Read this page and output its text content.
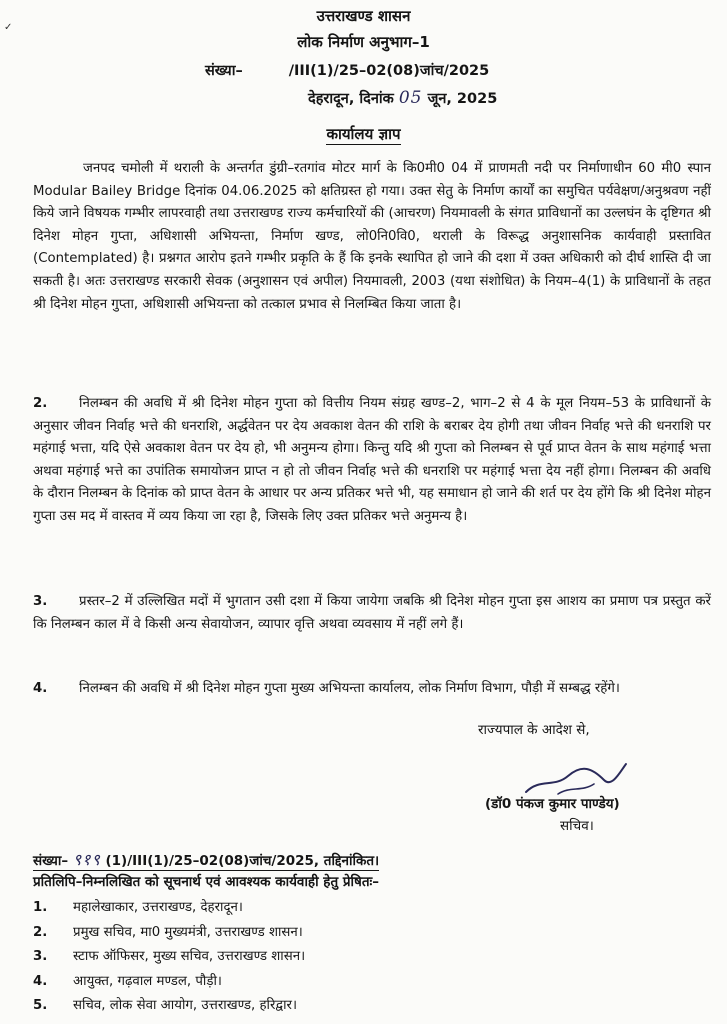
उत्तराखण्ड शासन
लोक निर्माण अनुभाग–1
संख्या–	/III(1)/25–02(08)जांच/2025
देहरादून, दिनांक 05 जून, 2025
कार्यालय ज्ञाप
जनपद चमोली में थराली के अन्तर्गत डुंग्री–रतगांव मोटर मार्ग के कि0मी0 04 में प्राणमती नदी पर निर्माणाधीन 60 मी0 स्पान Modular Bailey Bridge दिनांक 04.06.2025 को क्षतिग्रस्त हो गया। उक्त सेतु के निर्माण कार्यों का समुचित पर्यवेक्षण/अनुश्रवण नहीं किये जाने विषयक गम्भीर लापरवाही तथा उत्तराखण्ड राज्य कर्मचारियों की (आचरण) नियमावली के संगत प्राविधानों का उल्लघंन के दृष्टिगत श्री दिनेश मोहन गुप्ता, अधिशासी अभियन्ता, निर्माण खण्ड, लो0नि0वि0, थराली के विरूद्ध अनुशासनिक कार्यवाही प्रस्तावित (Contemplated) है। प्रश्नगत आरोप इतने गम्भीर प्रकृति के हैं कि इनके स्थापित हो जाने की दशा में उक्त अधिकारी को दीर्घ शास्ति दी जा सकती है। अतः उत्तराखण्ड सरकारी सेवक (अनुशासन एवं अपील) नियमावली, 2003 (यथा संशोधित) के नियम–4(1) के प्राविधानों के तहत श्री दिनेश मोहन गुप्ता, अधिशासी अभियन्ता को तत्काल प्रभाव से निलम्बित किया जाता है।
2. निलम्बन की अवधि में श्री दिनेश मोहन गुप्ता को वित्तीय नियम संग्रह खण्ड–2, भाग–2 से 4 के मूल नियम–53 के प्राविधानों के अनुसार जीवन निर्वाह भत्ते की धनराशि, अर्द्धवेतन पर देय अवकाश वेतन की राशि के बराबर देय होगी तथा जीवन निर्वाह भत्ते की धनराशि पर महंगाई भत्ता, यदि ऐसे अवकाश वेतन पर देय हो, भी अनुमन्य होगा। किन्तु यदि श्री गुप्ता को निलम्बन से पूर्व प्राप्त वेतन के साथ महंगाई भत्ता अथवा महंगाई भत्ते का उपांतिक समायोजन प्राप्त न हो तो जीवन निर्वाह भत्ते की धनराशि पर महंगाई भत्ता देय नहीं होगा। निलम्बन की अवधि के दौरान निलम्बन के दिनांक को प्राप्त वेतन के आधार पर अन्य प्रतिकर भत्ते भी, यह समाधान हो जाने की शर्त पर देय होंगे कि श्री दिनेश मोहन गुप्ता उस मद में वास्तव में व्यय किया जा रहा है, जिसके लिए उक्त प्रतिकर भत्ते अनुमन्य है।
3. प्रस्तर–2 में उल्लिखित मदों में भुगतान उसी दशा में किया जायेगा जबकि श्री दिनेश मोहन गुप्ता इस आशय का प्रमाण पत्र प्रस्तुत करें कि निलम्बन काल में वे किसी अन्य सेवायोजन, व्यापार वृत्ति अथवा व्यवसाय में नहीं लगे हैं।
4. निलम्बन की अवधि में श्री दिनेश मोहन गुप्ता मुख्य अभियन्ता कार्यालय, लोक निर्माण विभाग, पौड़ी में सम्बद्ध रहेंगे।
राज्यपाल के आदेश से,
(डॉ0 पंकज कुमार पाण्डेय)
सचिव।
संख्या– ९१९ (1)/III(1)/25–02(08)जांच/2025, तद्दिनांकित।
प्रतिलिपि–निम्नलिखित को सूचनार्थ एवं आवश्यक कार्यवाही हेतु प्रेषितः–
1. महालेखाकार, उत्तराखण्ड, देहरादून।
2. प्रमुख सचिव, मा0 मुख्यमंत्री, उत्तराखण्ड शासन।
3. स्टाफ ऑफिसर, मुख्य सचिव, उत्तराखण्ड शासन।
4. आयुक्त, गढ़वाल मण्डल, पौड़ी।
5. सचिव, लोक सेवा आयोग, उत्तराखण्ड, हरिद्वार।
✓
